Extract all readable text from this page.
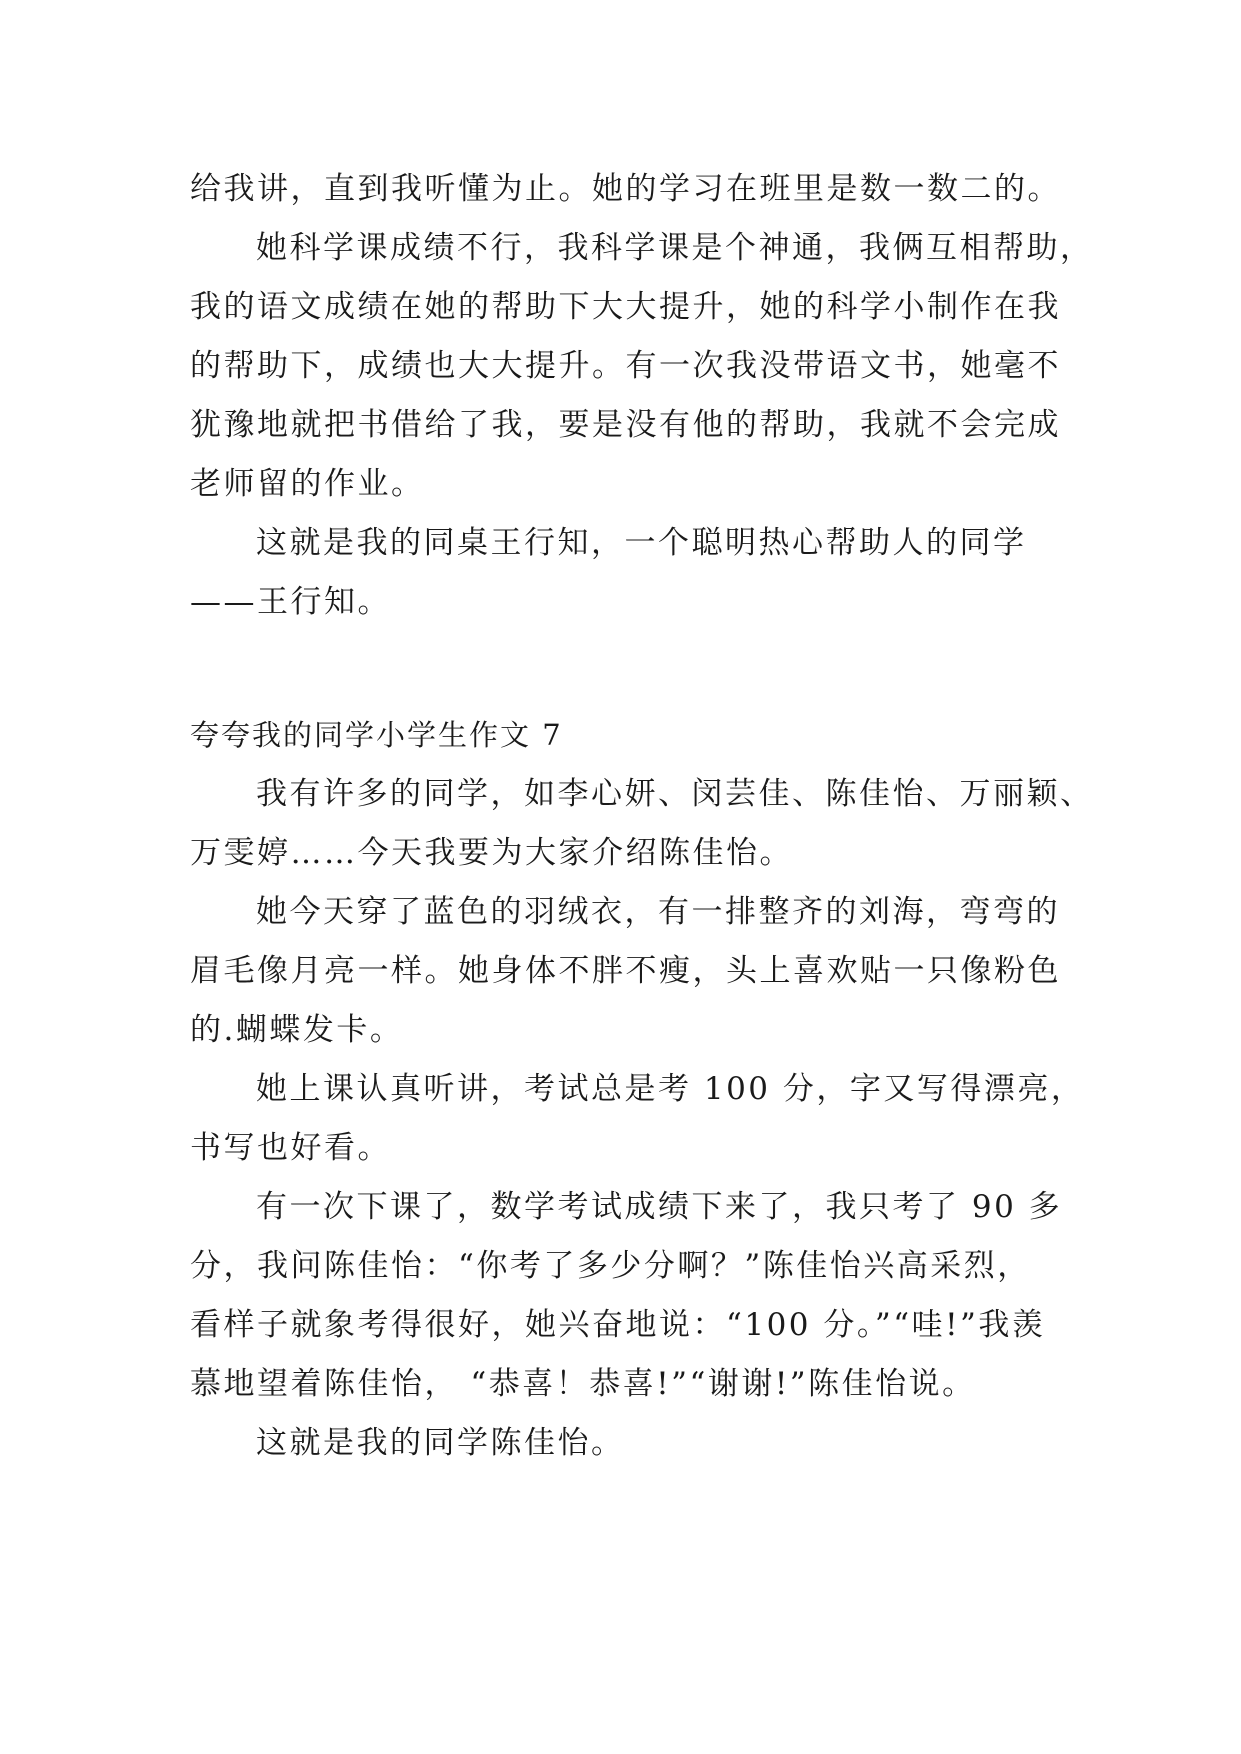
给我讲，直到我听懂为止。她的学习在班里是数一数二的。
她科学课成绩不行，我科学课是个神通，我俩互相帮助，
我的语文成绩在她的帮助下大大提升，她的科学小制作在我
的帮助下，成绩也大大提升。有一次我没带语文书，她毫不
犹豫地就把书借给了我，要是没有他的帮助，我就不会完成
老师留的作业。
这就是我的同桌王行知，一个聪明热心帮助人的同学
——王行知。
夸夸我的同学小学生作文 7
我有许多的同学，如李心妍、闵芸佳、陈佳怡、万丽颖、
万雯婷……今天我要为大家介绍陈佳怡。
她今天穿了蓝色的羽绒衣，有一排整齐的刘海，弯弯的
眉毛像月亮一样。她身体不胖不瘦，头上喜欢贴一只像粉色
的.蝴蝶发卡。
她上课认真听讲，考试总是考 100 分，字又写得漂亮，
书写也好看。
有一次下课了，数学考试成绩下来了，我只考了 90 多
分，我问陈佳怡：“你考了多少分啊？”陈佳怡兴高采烈，
看样子就象考得很好，她兴奋地说：“100 分。”“哇!”我羡
慕地望着陈佳怡， “恭喜！恭喜!”“谢谢!”陈佳怡说。
这就是我的同学陈佳怡。
